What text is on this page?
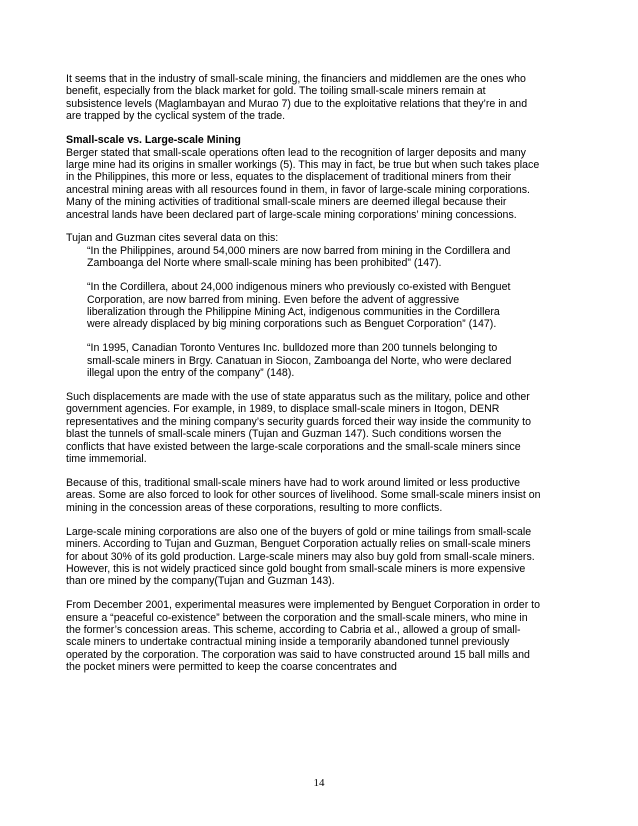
It seems that in the industry of small-scale mining, the financiers and middlemen are the ones who benefit, especially from the black market for gold. The toiling small-scale miners remain at subsistence levels (Maglambayan and Murao 7) due to the exploitative relations that they’re in and are trapped by the cyclical system of the trade.

Small-scale vs. Large-scale Mining

Berger stated that small-scale operations often lead to the recognition of larger deposits and many large mine had its origins in smaller workings (5). This may in fact, be true but when such takes place in the Philippines, this more or less, equates to the displacement of traditional miners from their ancestral mining areas with all resources found in them, in favor of large-scale mining corporations. Many of the mining activities of traditional small-scale miners are deemed illegal because their ancestral lands have been declared part of large-scale mining corporations’ mining concessions.

Tujan and Guzman cites several data on this:

“In the Philippines, around 54,000 miners are now barred from mining in the Cordillera and Zamboanga del Norte where small-scale mining has been prohibited” (147).

“In the Cordillera, about 24,000 indigenous miners who previously co-existed with Benguet Corporation, are now barred from mining. Even before the advent of aggressive liberalization through the Philippine Mining Act, indigenous communities in the Cordillera were already displaced by big mining corporations such as Benguet Corporation” (147).

“In 1995, Canadian Toronto Ventures Inc. bulldozed more than 200 tunnels belonging to small-scale miners in Brgy. Canatuan in Siocon, Zamboanga del Norte, who were declared illegal upon the entry of the company” (148).

Such displacements are made with the use of state apparatus such as the military, police and other government agencies. For example, in 1989, to displace small-scale miners in Itogon, DENR representatives and the mining company’s security guards forced their way inside the community to blast the tunnels of small-scale miners (Tujan and Guzman 147). Such conditions worsen the conflicts that have existed between the large-scale corporations and the small-scale miners since time immemorial.

Because of this, traditional small-scale miners have had to work around limited or less productive areas. Some are also forced to look for other sources of livelihood. Some small-scale miners insist on mining in the concession areas of these corporations, resulting to more conflicts.

Large-scale mining corporations are also one of the buyers of gold or mine tailings from small-scale miners. According to Tujan and Guzman, Benguet Corporation actually relies on small-scale miners for about 30% of its gold production. Large-scale miners may also buy gold from small-scale miners. However, this is not widely practiced since gold bought from small-scale miners is more expensive than ore mined by the company(Tujan and Guzman 143).

From December 2001, experimental measures were implemented by Benguet Corporation in order to ensure a “peaceful co-existence” between the corporation and the small-scale miners, who mine in the former’s concession areas. This scheme, according to Cabria et al., allowed a group of small-scale miners to undertake contractual mining inside a temporarily abandoned tunnel previously operated by the corporation. The corporation was said to have constructed around 15 ball mills and the pocket miners were permitted to keep the coarse concentrates and

14
